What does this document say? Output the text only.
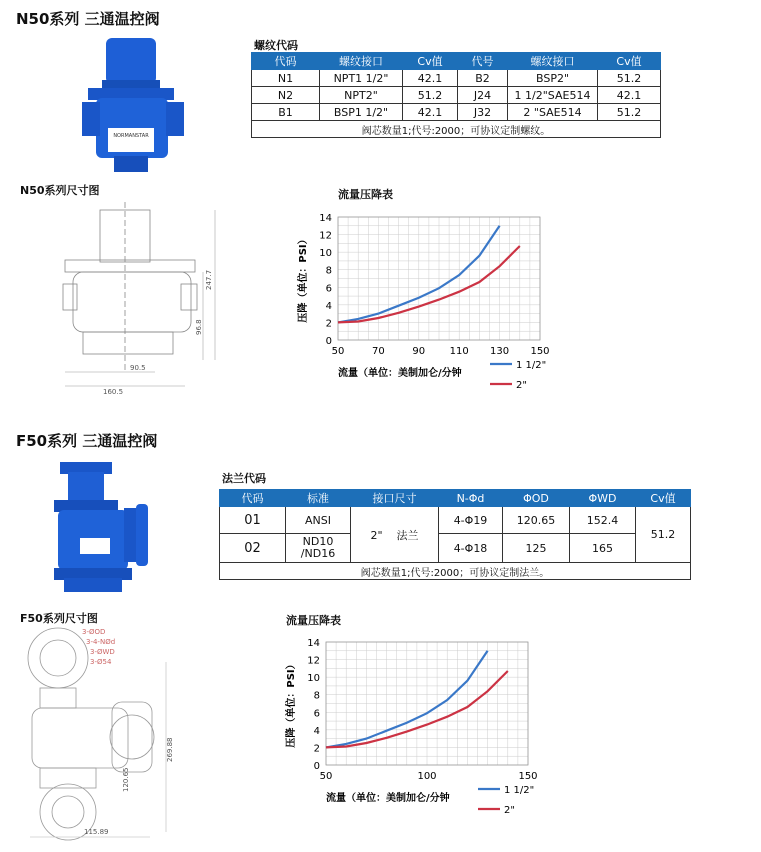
N50系列 三通温控阀
NORMANSTAR
螺纹代码
代码	螺纹接口	Cv值	代号	螺纹接口	Cv值
N1	NPT1 1/2"	42.1	B2	BSP2"	51.2
N2	NPT2"	51.2	J24	1 1/2"SAE514	42.1
B1	BSP1 1/2"	42.1	J32	2 "SAE514	51.2
阀芯数量1;代号:2000；可协议定制螺纹。					
N50系列尺寸图
247.7
96.8
90.5
160.5
流量压降表
50	70	90 110 130 150
0
2
4
6
8
10
12
14
压降（单位：PSI）
流量（单位：美制加仑/分钟
1 1/2"
2"
F50系列 三通温控阀
法兰代码
代码	标准	接口尺寸	N-Φd	ΦOD	ΦWD	Cv值
01	ANSI	2" 法兰	4-Φ19	120.65	152.4	51.2
02	ND10
/ND16		4-Φ18	125	165	
阀芯数量1;代号:2000；可协议定制法兰。						
F50系列尺寸图
3-ØOD
3-4-NØd
3-ØWD
3-Ø54
269.88
120.65
115.89
流量压降表
50	100	150
0
2
4
6
8
10
12
14
压降（单位：PSI）
流量（单位：美制加仑/分钟
1 1/2"
2"
